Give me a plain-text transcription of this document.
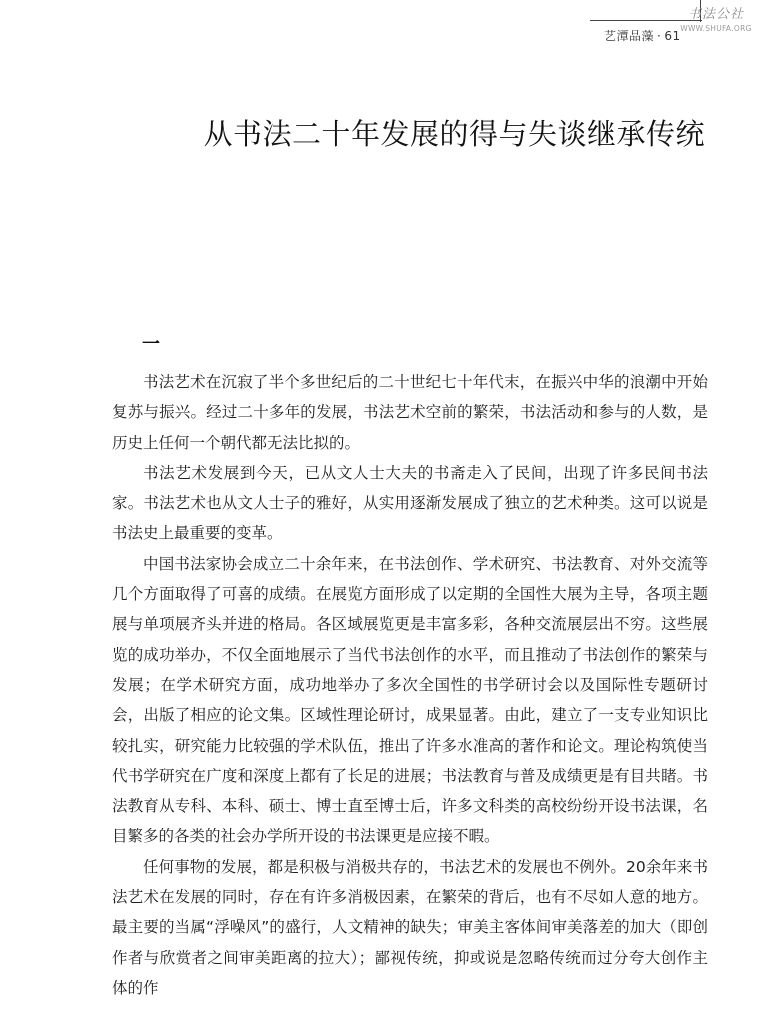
艺潭品藻 · 61
书法公社
WWW.SHUFA.ORG
从书法二十年发展的得与失谈继承传统
一

书法艺术在沉寂了半个多世纪后的二十世纪七十年代末，在振兴中华的浪潮中开始复苏与振兴。经过二十多年的发展，书法艺术空前的繁荣，书法活动和参与的人数，是历史上任何一个朝代都无法比拟的。

书法艺术发展到今天，已从文人士大夫的书斋走入了民间，出现了许多民间书法家。书法艺术也从文人士子的雅好，从实用逐渐发展成了独立的艺术种类。这可以说是书法史上最重要的变革。

中国书法家协会成立二十余年来，在书法创作、学术研究、书法教育、对外交流等几个方面取得了可喜的成绩。在展览方面形成了以定期的全国性大展为主导，各项主题展与单项展齐头并进的格局。各区域展览更是丰富多彩，各种交流展层出不穷。这些展览的成功举办，不仅全面地展示了当代书法创作的水平，而且推动了书法创作的繁荣与发展；在学术研究方面，成功地举办了多次全国性的书学研讨会以及国际性专题研讨会，出版了相应的论文集。区域性理论研讨，成果显著。由此，建立了一支专业知识比较扎实，研究能力比较强的学术队伍，推出了许多水准高的著作和论文。理论构筑使当代书学研究在广度和深度上都有了长足的进展；书法教育与普及成绩更是有目共睹。书法教育从专科、本科、硕士、博士直至博士后，许多文科类的高校纷纷开设书法课，名目繁多的各类的社会办学所开设的书法课更是应接不暇。

任何事物的发展，都是积极与消极共存的，书法艺术的发展也不例外。20余年来书法艺术在发展的同时，存在有许多消极因素，在繁荣的背后，也有不尽如人意的地方。最主要的当属“浮噪风”的盛行，人文精神的缺失；审美主客体间审美落差的加大（即创作者与欣赏者之间审美距离的拉大）；鄙视传统，抑或说是忽略传统而过分夸大创作主体的作
